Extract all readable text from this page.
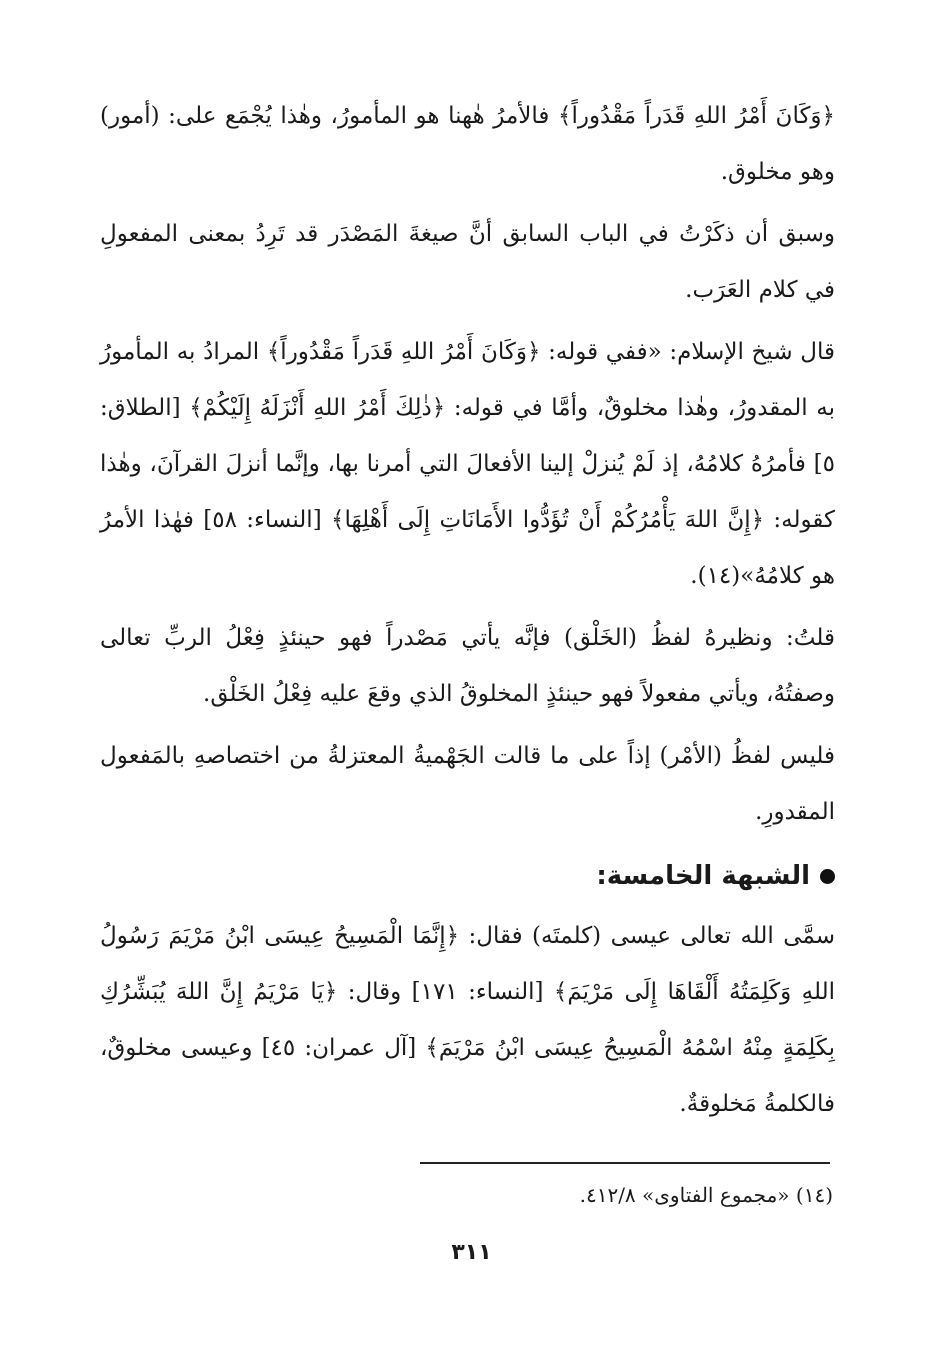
﴿وَكَانَ أَمْرُ اللهِ قَدَراً مَقْدُوراً﴾ فالأمرُ هٰهنا هو المأمورُ، وهٰذا يُجْمَع على: (أمور) وهو مخلوق.

وسبق أن ذكَرْتُ في الباب السابق أنَّ صيغةَ المَصْدَر قد تَرِدُ بمعنى المفعولِ في كلام العَرَب.

قال شيخ الإسلام: «ففي قوله: ﴿وَكَانَ أَمْرُ اللهِ قَدَراً مَقْدُوراً﴾ المرادُ به المأمورُ به المقدورُ، وهٰذا مخلوقٌ، وأمَّا في قوله: ﴿ذٰلِكَ أَمْرُ اللهِ أَنْزَلَهُ إِلَيْكُمْ﴾ [الطلاق: ٥] فأمرُهُ كلامُهُ، إذ لَمْ يُنزلْ إلينا الأفعالَ التي أمرنا بها، وإنَّما أنزلَ القرآنَ، وهٰذا كقوله: ﴿إِنَّ اللهَ يَأْمُرُكُمْ أَنْ تُؤَدُّوا الأَمَانَاتِ إِلَى أَهْلِهَا﴾ [النساء: ٥٨] فهٰذا الأمرُ هو كلامُهُ»(١٤).

قلتُ: ونظيرهُ لفظُ (الخَلْق) فإنَّه يأتي مَصْدراً فهو حينئذٍ فِعْلُ الربِّ تعالى وصفتُهُ، ويأتي مفعولاً فهو حينئذٍ المخلوقُ الذي وقعَ عليه فِعْلُ الخَلْق.

فليس لفظُ (الأمْر) إذاً على ما قالت الجَهْميةُ المعتزلةُ من اختصاصهِ بالمَفعول المقدورِ.

الشبهة الخامسة:

سمَّى الله تعالى عيسى (كلمتَه) فقال: ﴿إِنَّمَا الْمَسِيحُ عِيسَى ابْنُ مَرْيَمَ رَسُولُ اللهِ وَكَلِمَتُهُ أَلْقَاهَا إِلَى مَرْيَمَ﴾ [النساء: ١٧١] وقال: ﴿يَا مَرْيَمُ إِنَّ اللهَ يُبَشِّرُكِ بِكَلِمَةٍ مِنْهُ اسْمُهُ الْمَسِيحُ عِيسَى ابْنُ مَرْيَمَ﴾ [آل عمران: ٤٥] وعيسى مخلوقٌ، فالكلمةُ مَخلوقةٌ.

(١٤) «مجموع الفتاوى» ٤١٢/٨.
٣١١
